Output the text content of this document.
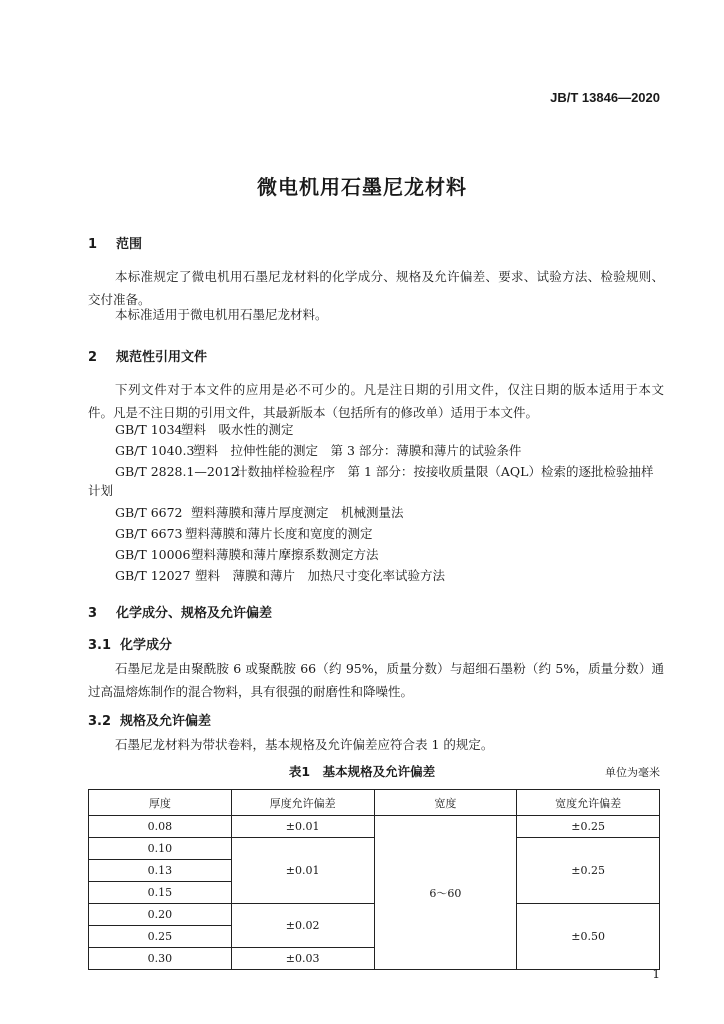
JB/T 13846—2020
微电机用石墨尼龙材料
1 范围
本标准规定了微电机用石墨尼龙材料的化学成分、规格及允许偏差、要求、试验方法、检验规则、交付准备。
本标准适用于微电机用石墨尼龙材料。
2 规范性引用文件
下列文件对于本文件的应用是必不可少的。凡是注日期的引用文件，仅注日期的版本适用于本文件。凡是不注日期的引用文件，其最新版本（包括所有的修改单）适用于本文件。
GB/T 1034塑料　吸水性的测定
GB/T 1040.3塑料　拉伸性能的测定　第 3 部分：薄膜和薄片的试验条件
GB/T 2828.1—2012计数抽样检验程序　第 1 部分：按接收质量限（AQL）检索的逐批检验抽样
计划
GB/T 6672 塑料薄膜和薄片厚度测定　机械测量法
GB/T 6673 塑料薄膜和薄片长度和宽度的测定
GB/T 10006塑料薄膜和薄片摩擦系数测定方法
GB/T 12027 塑料　薄膜和薄片　加热尺寸变化率试验方法
3 化学成分、规格及允许偏差
3.1 化学成分
石墨尼龙是由聚酰胺 6 或聚酰胺 66（约 95%，质量分数）与超细石墨粉（约 5%，质量分数）通过高温熔炼制作的混合物料，具有很强的耐磨性和降噪性。
3.2 规格及允许偏差
石墨尼龙材料为带状卷料，基本规格及允许偏差应符合表 1 的规定。
表1　基本规格及允许偏差	单位为毫米
厚度	厚度允许偏差	宽度	宽度允许偏差
0.08	±0.01	6～60	±0.25
0.10	±0.01		±0.25
0.13			
0.15			
0.20	±0.02		±0.50
0.25			
0.30	±0.03		
1
